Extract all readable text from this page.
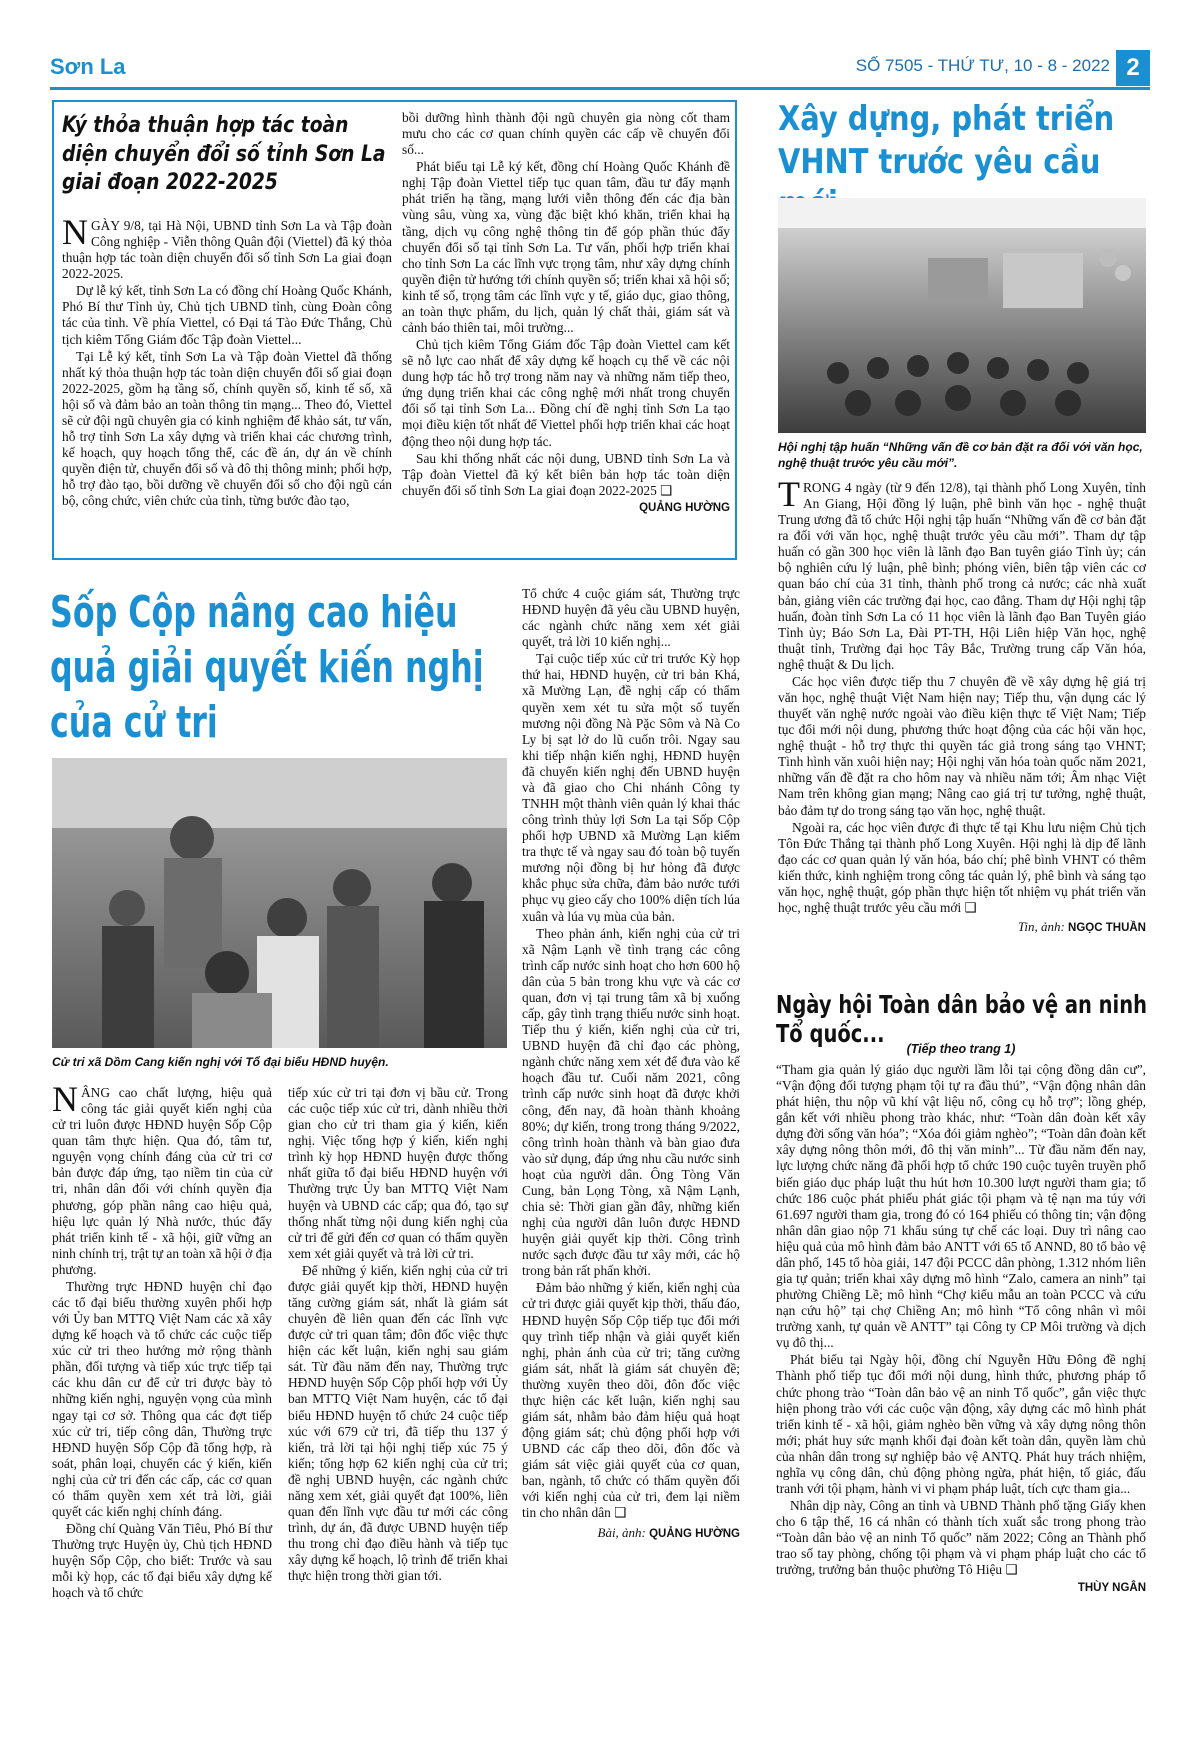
Sơn La	SỐ 7505 - THỨ TƯ, 10 - 8 - 2022 2
Ký thỏa thuận hợp tác toàn diện chuyển đổi số tỉnh Sơn La giai đoạn 2022-2025

NGÀY 9/8, tại Hà Nội, UBND tỉnh Sơn La và Tập đoàn Công nghiệp - Viễn thông Quân đội (Viettel) đã ký thỏa thuận hợp tác toàn diện chuyển đổi số tỉnh Sơn La giai đoạn 2022-2025.

Dự lễ ký kết, tỉnh Sơn La có đồng chí Hoàng Quốc Khánh, Phó Bí thư Tỉnh ủy, Chủ tịch UBND tỉnh, cùng Đoàn công tác của tỉnh. Về phía Viettel, có Đại tá Tào Đức Thắng, Chủ tịch kiêm Tổng Giám đốc Tập đoàn Viettel...

Tại Lễ ký kết, tỉnh Sơn La và Tập đoàn Viettel đã thống nhất ký thỏa thuận hợp tác toàn diện chuyển đổi số giai đoạn 2022-2025, gồm hạ tầng số, chính quyền số, kinh tế số, xã hội số và đảm bảo an toàn thông tin mạng... Theo đó, Viettel sẽ cử đội ngũ chuyên gia có kinh nghiệm để khảo sát, tư vấn, hỗ trợ tỉnh Sơn La xây dựng và triển khai các chương trình, kế hoạch, quy hoạch tổng thể, các đề án, dự án về chính quyền điện tử, chuyển đổi số và đô thị thông minh; phối hợp, hỗ trợ đào tạo, bồi dưỡng về chuyển đổi số cho đội ngũ cán bộ, công chức, viên chức của tỉnh, từng bước đào tạo,

bồi dưỡng hình thành đội ngũ chuyên gia nòng cốt tham mưu cho các cơ quan chính quyền các cấp về chuyển đổi số...

Phát biểu tại Lễ ký kết, đồng chí Hoàng Quốc Khánh đề nghị Tập đoàn Viettel tiếp tục quan tâm, đầu tư đẩy mạnh phát triển hạ tầng, mạng lưới viễn thông đến các địa bàn vùng sâu, vùng xa, vùng đặc biệt khó khăn, triển khai hạ tầng, dịch vụ công nghệ thông tin để góp phần thúc đẩy chuyển đổi số tại tỉnh Sơn La. Tư vấn, phối hợp triển khai cho tỉnh Sơn La các lĩnh vực trọng tâm, như xây dựng chính quyền điện tử hướng tới chính quyền số; triển khai xã hội số; kinh tế số, trọng tâm các lĩnh vực y tế, giáo dục, giao thông, an toàn thực phẩm, du lịch, quản lý chất thải, giám sát và cảnh báo thiên tai, môi trường...

Chủ tịch kiêm Tổng Giám đốc Tập đoàn Viettel cam kết sẽ nỗ lực cao nhất để xây dựng kế hoạch cụ thể về các nội dung hợp tác hỗ trợ trong năm nay và những năm tiếp theo, ứng dụng triển khai các công nghệ mới nhất trong chuyển đổi số tại tỉnh Sơn La... Đồng chí đề nghị tỉnh Sơn La tạo mọi điều kiện tốt nhất để Viettel phối hợp triển khai các hoạt động theo nội dung hợp tác.

Sau khi thống nhất các nội dung, UBND tỉnh Sơn La và Tập đoàn Viettel đã ký kết biên bản hợp tác toàn diện chuyển đổi số tỉnh Sơn La giai đoạn 2022-2025 ❑

QUẢNG HƯỜNG
Sốp Cộp nâng cao hiệu quả giải quyết kiến nghị của cử tri
Cử tri xã Dồm Cang kiến nghị với Tổ đại biểu HĐND huyện.

NÂNG cao chất lượng, hiệu quả công tác giải quyết kiến nghị của cử tri luôn được HĐND huyện Sốp Cộp quan tâm thực hiện. Qua đó, tâm tư, nguyện vọng chính đáng của cử tri cơ bản được đáp ứng, tạo niềm tin của cử tri, nhân dân đối với chính quyền địa phương, góp phần nâng cao hiệu quả, hiệu lực quản lý Nhà nước, thúc đẩy phát triển kinh tế - xã hội, giữ vững an ninh chính trị, trật tự an toàn xã hội ở địa phương.

Thường trực HĐND huyện chỉ đạo các tổ đại biểu thường xuyên phối hợp với Ủy ban MTTQ Việt Nam các xã xây dựng kế hoạch và tổ chức các cuộc tiếp xúc cử tri theo hướng mở rộng thành phần, đối tượng và tiếp xúc trực tiếp tại các khu dân cư để cử tri được bày tỏ những kiến nghị, nguyện vọng của mình ngay tại cơ sở. Thông qua các đợt tiếp xúc cử tri, tiếp công dân, Thường trực HĐND huyện Sốp Cộp đã tổng hợp, rà soát, phân loại, chuyển các ý kiến, kiến nghị của cử tri đến các cấp, các cơ quan có thẩm quyền xem xét trả lời, giải quyết các kiến nghị chính đáng.

Đồng chí Quàng Văn Tiêu, Phó Bí thư Thường trực Huyện ủy, Chủ tịch HĐND huyện Sốp Cộp, cho biết: Trước và sau mỗi kỳ họp, các tổ đại biểu xây dựng kế hoạch và tổ chức

tiếp xúc cử tri tại đơn vị bầu cử. Trong các cuộc tiếp xúc cử tri, dành nhiều thời gian cho cử tri tham gia ý kiến, kiến nghị. Việc tổng hợp ý kiến, kiến nghị trình kỳ họp HĐND huyện được thống nhất giữa tổ đại biểu HĐND huyện với Thường trực Ủy ban MTTQ Việt Nam huyện và UBND các cấp; qua đó, tạo sự thống nhất từng nội dung kiến nghị của cử tri để gửi đến cơ quan có thẩm quyền xem xét giải quyết và trả lời cử tri.

Để những ý kiến, kiến nghị của cử tri được giải quyết kịp thời, HĐND huyện tăng cường giám sát, nhất là giám sát chuyên đề liên quan đến các lĩnh vực được cử tri quan tâm; đôn đốc việc thực hiện các kết luận, kiến nghị sau giám sát. Từ đầu năm đến nay, Thường trực HĐND huyện Sốp Cộp phối hợp với Ủy ban MTTQ Việt Nam huyện, các tổ đại biểu HĐND huyện tổ chức 24 cuộc tiếp xúc với 679 cử tri, đã tiếp thu 137 ý kiến, trả lời tại hội nghị tiếp xúc 75 ý kiến; tổng hợp 62 kiến nghị của cử tri; đề nghị UBND huyện, các ngành chức năng xem xét, giải quyết đạt 100%, liên quan đến lĩnh vực đầu tư mới các công trình, dự án, đã được UBND huyện tiếp thu trong chỉ đạo điều hành và tiếp tục xây dựng kế hoạch, lộ trình để triển khai thực hiện trong thời gian tới.

Tổ chức 4 cuộc giám sát, Thường trực HĐND huyện đã yêu cầu UBND huyện, các ngành chức năng xem xét giải quyết, trả lời 10 kiến nghị...

Tại cuộc tiếp xúc cử tri trước Kỳ họp thứ hai, HĐND huyện, cử tri bản Khá, xã Mường Lạn, đề nghị cấp có thẩm quyền xem xét tu sửa một số tuyến mương nội đồng Nà Pặc Sôm và Nà Co Ly bị sạt lở do lũ cuốn trôi. Ngay sau khi tiếp nhận kiến nghị, HĐND huyện đã chuyển kiến nghị đến UBND huyện và đã giao cho Chi nhánh Công ty TNHH một thành viên quản lý khai thác công trình thủy lợi Sơn La tại Sốp Cộp phối hợp UBND xã Mường Lạn kiểm tra thực tế và ngay sau đó toàn bộ tuyến mương nội đồng bị hư hỏng đã được khắc phục sửa chữa, đảm bảo nước tưới phục vụ gieo cấy cho 100% diện tích lúa xuân và lúa vụ mùa của bản.

Theo phản ánh, kiến nghị của cử tri xã Nậm Lạnh về tình trạng các công trình cấp nước sinh hoạt cho hơn 600 hộ dân của 5 bản trong khu vực và các cơ quan, đơn vị tại trung tâm xã bị xuống cấp, gây tình trạng thiếu nước sinh hoạt. Tiếp thu ý kiến, kiến nghị của cử tri, UBND huyện đã chỉ đạo các phòng, ngành chức năng xem xét để đưa vào kế hoạch đầu tư. Cuối năm 2021, công trình cấp nước sinh hoạt đã được khởi công, đến nay, đã hoàn thành khoảng 80%; dự kiến, trong trong tháng 9/2022, công trình hoàn thành và bàn giao đưa vào sử dụng, đáp ứng nhu cầu nước sinh hoạt của người dân. Ông Tòng Văn Cung, bản Lọng Tòng, xã Nậm Lạnh, chia sẻ: Thời gian gần đây, những kiến nghị của người dân luôn được HĐND huyện giải quyết kịp thời. Công trình nước sạch được đầu tư xây mới, các hộ trong bản rất phấn khởi.

Đảm bảo những ý kiến, kiến nghị của cử tri được giải quyết kịp thời, thấu đáo, HĐND huyện Sốp Cộp tiếp tục đổi mới quy trình tiếp nhận và giải quyết kiến nghị, phản ánh của cử tri; tăng cường giám sát, nhất là giám sát chuyên đề; thường xuyên theo dõi, đôn đốc việc thực hiện các kết luận, kiến nghị sau giám sát, nhằm bảo đảm hiệu quả hoạt động giám sát; chủ động phối hợp với UBND các cấp theo dõi, đôn đốc và giám sát việc giải quyết của cơ quan, ban, ngành, tổ chức có thẩm quyền đối với kiến nghị của cử tri, đem lại niềm tin cho nhân dân ❑

Bài, ảnh: QUẢNG HƯỜNG
Xây dựng, phát triển VHNT trước yêu cầu
Hội nghị tập huấn “Những vấn đề cơ bản đặt ra đối với văn học, nghệ thuật trước yêu cầu mới”.

TRONG 4 ngày (từ 9 đến 12/8), tại thành phố Long Xuyên, tỉnh An Giang, Hội đồng lý luận, phê bình văn học - nghệ thuật Trung ương đã tổ chức Hội nghị tập huấn “Những vấn đề cơ bản đặt ra đối với văn học, nghệ thuật trước yêu cầu mới”. Tham dự tập huấn có gần 300 học viên là lãnh đạo Ban tuyên giáo Tỉnh ủy; cán bộ nghiên cứu lý luận, phê bình; phóng viên, biên tập viên các cơ quan báo chí của 31 tỉnh, thành phố trong cả nước; các nhà xuất bản, giảng viên các trường đại học, cao đẳng. Tham dự Hội nghị tập huấn, đoàn tỉnh Sơn La có 11 học viên là lãnh đạo Ban Tuyên giáo Tỉnh ủy; Báo Sơn La, Đài PT-TH, Hội Liên hiệp Văn học, nghệ thuật tỉnh, Trường đại học Tây Bắc, Trường trung cấp Văn hóa, nghệ thuật & Du lịch.

Các học viên được tiếp thu 7 chuyên đề về xây dựng hệ giá trị văn học, nghệ thuật Việt Nam hiện nay; Tiếp thu, vận dụng các lý thuyết văn nghệ nước ngoài vào điều kiện thực tế Việt Nam; Tiếp tục đổi mới nội dung, phương thức hoạt động của các hội văn học, nghệ thuật - hỗ trợ thực thi quyền tác giả trong sáng tạo VHNT; Tình hình văn xuôi hiện nay; Hội nghị văn hóa toàn quốc năm 2021, những vấn đề đặt ra cho hôm nay và nhiều năm tới; Âm nhạc Việt Nam trên không gian mạng; Nâng cao giá trị tư tưởng, nghệ thuật, bảo đảm tự do trong sáng tạo văn học, nghệ thuật.

Ngoài ra, các học viên được đi thực tế tại Khu lưu niệm Chủ tịch Tôn Đức Thắng tại thành phố Long Xuyên. Hội nghị là dịp để lãnh đạo các cơ quan quản lý văn hóa, báo chí; phê bình VHNT có thêm kiến thức, kinh nghiệm trong công tác quản lý, phê bình và sáng tạo văn học, nghệ thuật, góp phần thực hiện tốt nhiệm vụ phát triển văn học, nghệ thuật trước yêu cầu mới ❑

Tin, ảnh: NGỌC THUẦN
Ngày hội Toàn dân bảo vệ an ninh Tổ quốc...
(Tiếp theo trang 1)

“Tham gia quản lý giáo dục người lầm lỗi tại cộng đồng dân cư”, “Vận động đối tượng phạm tội tự ra đầu thú”, “Vận động nhân dân phát hiện, thu nộp vũ khí vật liệu nổ, công cụ hỗ trợ”; lồng ghép, gắn kết với nhiều phong trào khác, như: “Toàn dân đoàn kết xây dựng đời sống văn hóa”; “Xóa đói giảm nghèo”; “Toàn dân đoàn kết xây dựng nông thôn mới, đô thị văn minh”... Từ đầu năm đến nay, lực lượng chức năng đã phối hợp tổ chức 190 cuộc tuyên truyền phổ biến giáo dục pháp luật thu hút hơn 10.300 lượt người tham gia; tổ chức 186 cuộc phát phiếu phát giác tội phạm và tệ nạn ma túy với 61.697 người tham gia, trong đó có 164 phiếu có thông tin; vận động nhân dân giao nộp 71 khẩu súng tự chế các loại. Duy trì nâng cao hiệu quả của mô hình đảm bảo ANTT với 65 tổ ANND, 80 tổ bảo vệ dân phố, 145 tổ hòa giải, 147 đội PCCC dân phòng, 1.312 nhóm liên gia tự quản; triển khai xây dựng mô hình “Zalo, camera an ninh” tại phường Chiềng Lề; mô hình “Chợ kiểu mẫu an toàn PCCC và cứu nạn cứu hộ” tại chợ Chiềng An; mô hình “Tổ công nhân vì môi trường xanh, tự quản về ANTT” tại Công ty CP Môi trường và dịch vụ đô thị...

Phát biểu tại Ngày hội, đồng chí Nguyễn Hữu Đông đề nghị Thành phố tiếp tục đổi mới nội dung, hình thức, phương pháp tổ chức phong trào “Toàn dân bảo vệ an ninh Tổ quốc”, gắn việc thực hiện phong trào với các cuộc vận động, xây dựng các mô hình phát triển kinh tế - xã hội, giảm nghèo bền vững và xây dựng nông thôn mới; phát huy sức mạnh khối đại đoàn kết toàn dân, quyền làm chủ của nhân dân trong sự nghiệp bảo vệ ANTQ. Phát huy trách nhiệm, nghĩa vụ công dân, chủ động phòng ngừa, phát hiện, tố giác, đấu tranh với tội phạm, hành vi vi phạm pháp luật, tích cực tham gia...

Nhân dịp này, Công an tỉnh và UBND Thành phố tặng Giấy khen cho 6 tập thể, 16 cá nhân có thành tích xuất sắc trong phong trào “Toàn dân bảo vệ an ninh Tổ quốc” năm 2022; Công an Thành phố trao số tay phòng, chống tội phạm và vi phạm pháp luật cho các tổ trưởng, trưởng bản thuộc phường Tô Hiệu ❑

THÙY NGÂN
